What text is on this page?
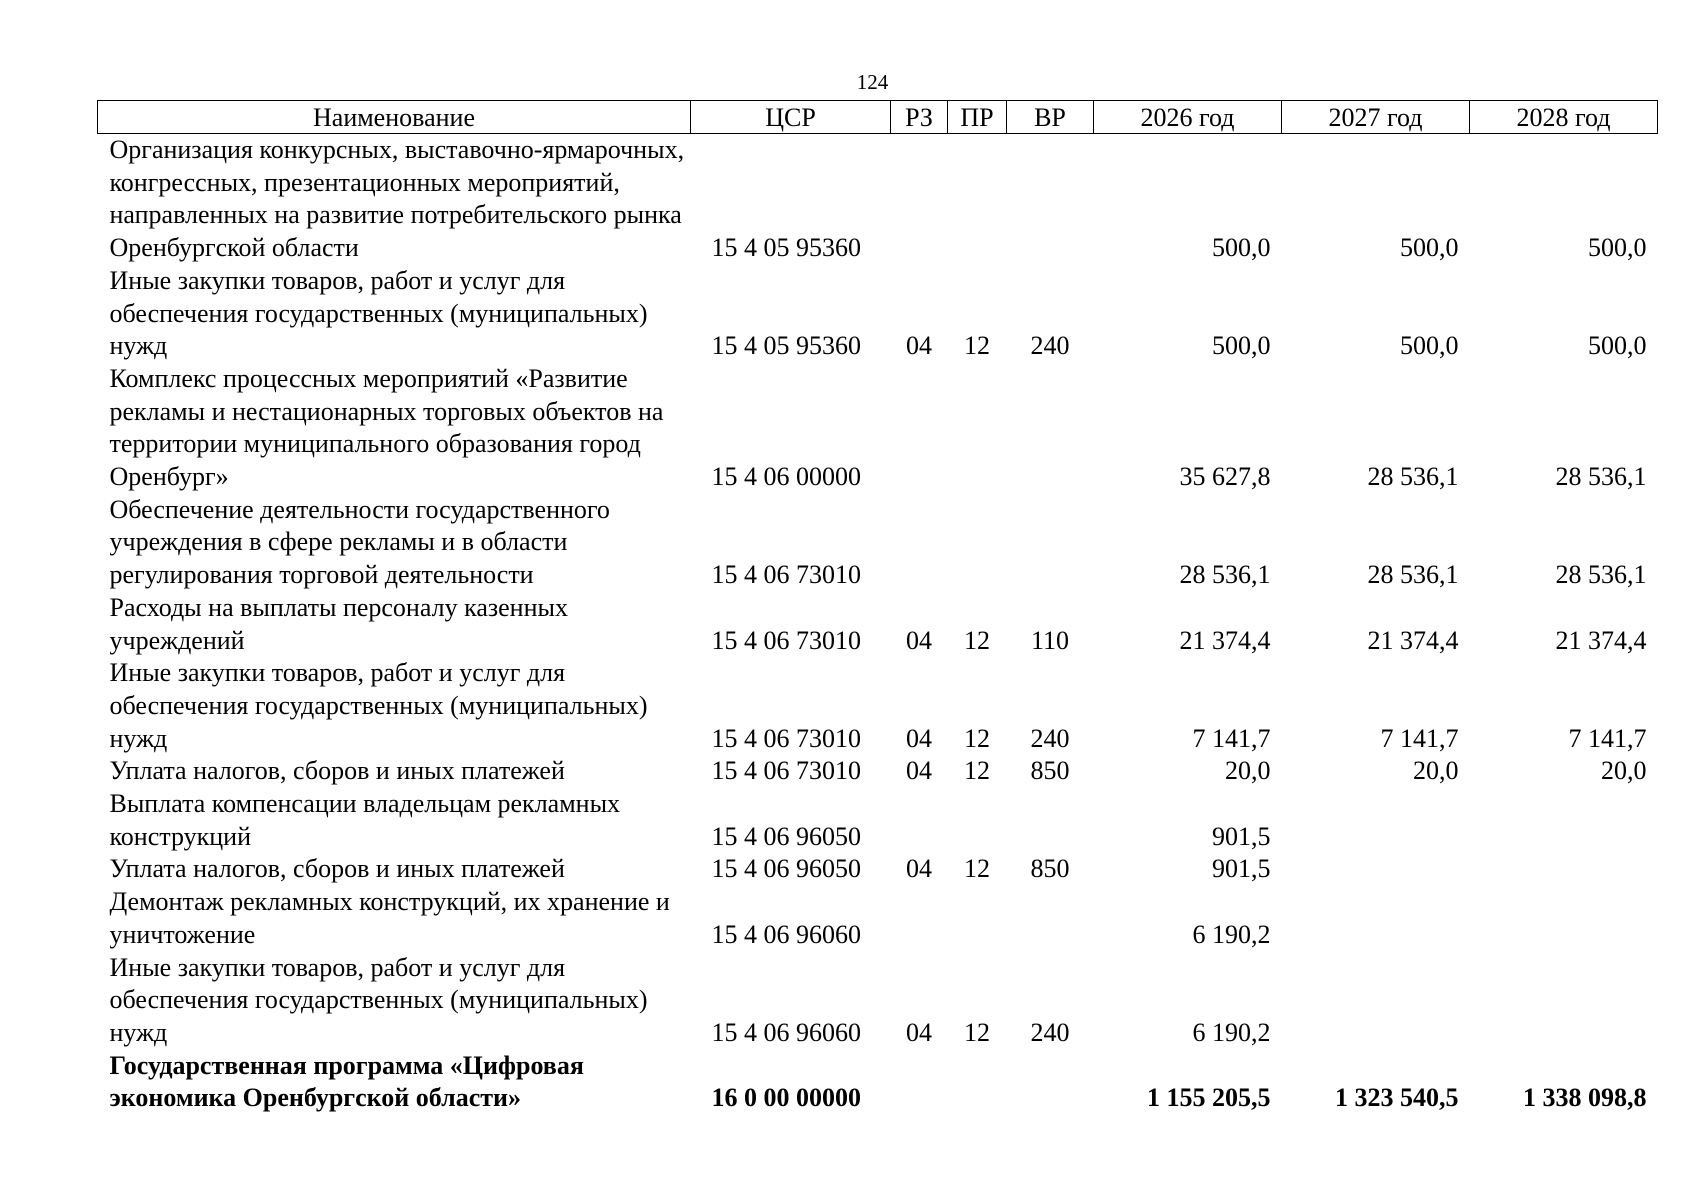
124
Наименование	ЦСР	РЗ	ПР	ВР	2026 год	2027 год	2028 год
Организация конкурсных, выставочно-ярмарочных, конгрессных, презентационных мероприятий, направленных на развитие потребительского рынка Оренбургской области	15 4 05 95360				500,0	500,0	500,0
Иные закупки товаров, работ и услуг для обеспечения государственных (муниципальных) нужд	15 4 05 95360	04	12	240	500,0	500,0	500,0
Комплекс процессных мероприятий «Развитие рекламы и нестационарных торговых объектов на территории муниципального образования город Оренбург»	15 4 06 00000				35 627,8	28 536,1	28 536,1
Обеспечение деятельности государственного учреждения в сфере рекламы и в области регулирования торговой деятельности	15 4 06 73010				28 536,1	28 536,1	28 536,1
Расходы на выплаты персоналу казенных учреждений	15 4 06 73010	04	12	110	21 374,4	21 374,4	21 374,4
Иные закупки товаров, работ и услуг для обеспечения государственных (муниципальных) нужд	15 4 06 73010	04	12	240	7 141,7	7 141,7	7 141,7
Уплата налогов, сборов и иных платежей	15 4 06 73010	04	12	850	20,0	20,0	20,0
Выплата компенсации владельцам рекламных конструкций	15 4 06 96050				901,5		
Уплата налогов, сборов и иных платежей	15 4 06 96050	04	12	850	901,5		
Демонтаж рекламных конструкций, их хранение и уничтожение	15 4 06 96060				6 190,2		
Иные закупки товаров, работ и услуг для обеспечения государственных (муниципальных) нужд	15 4 06 96060	04	12	240	6 190,2		
Государственная программа «Цифровая экономика Оренбургской области»	16 0 00 00000				1 155 205,5	1 323 540,5	1 338 098,8
